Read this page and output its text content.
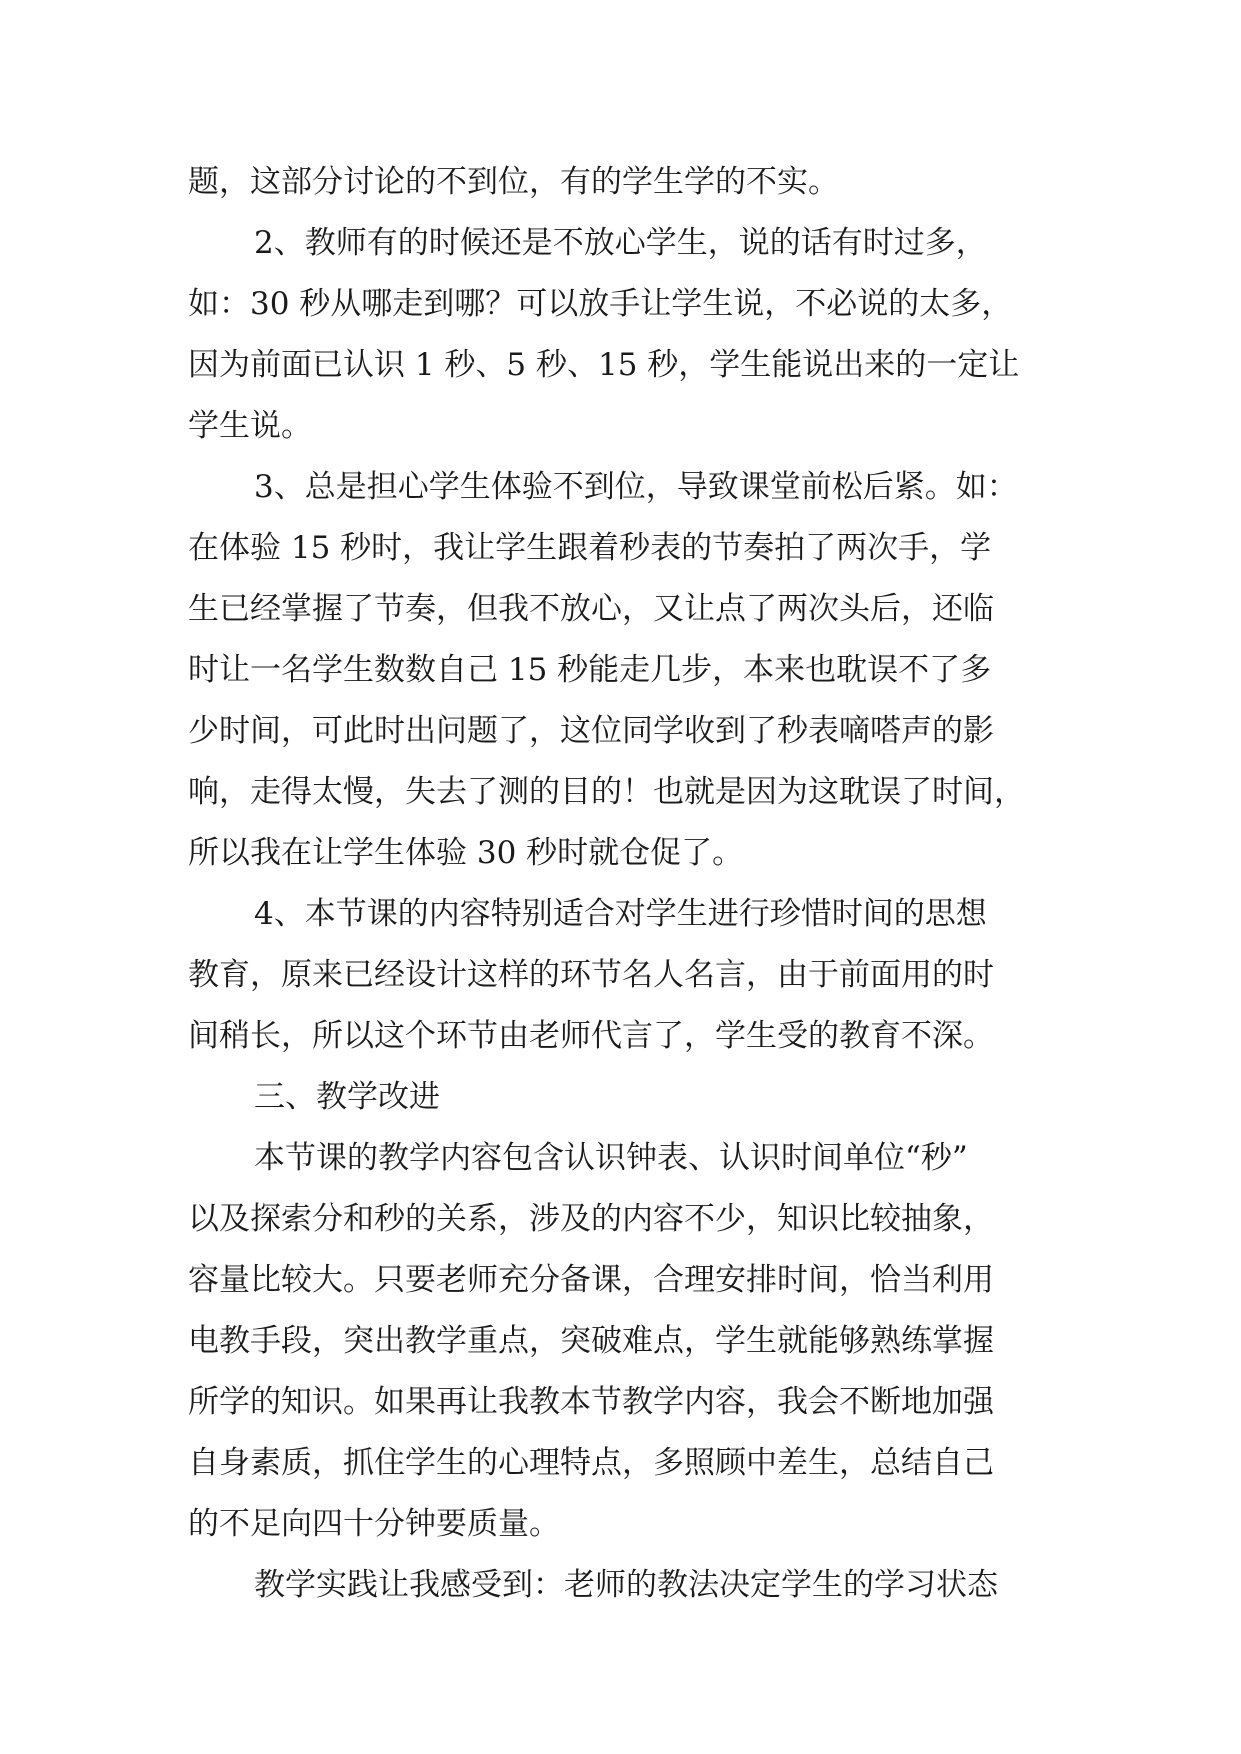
题，这部分讨论的不到位，有的学生学的不实。
2、教师有的时候还是不放心学生，说的话有时过多，
如：30 秒从哪走到哪？可以放手让学生说，不必说的太多，
因为前面已认识 1 秒、5 秒、15 秒，学生能说出来的一定让
学生说。
3、总是担心学生体验不到位，导致课堂前松后紧。如：
在体验 15 秒时，我让学生跟着秒表的节奏拍了两次手，学
生已经掌握了节奏，但我不放心，又让点了两次头后，还临
时让一名学生数数自己 15 秒能走几步，本来也耽误不了多
少时间，可此时出问题了，这位同学收到了秒表嘀嗒声的影
响，走得太慢，失去了测的目的！也就是因为这耽误了时间，
所以我在让学生体验 30 秒时就仓促了。
4、本节课的内容特别适合对学生进行珍惜时间的思想
教育，原来已经设计这样的环节名人名言，由于前面用的时
间稍长，所以这个环节由老师代言了，学生受的教育不深。
三、教学改进
本节课的教学内容包含认识钟表、认识时间单位“秒”
以及探索分和秒的关系，涉及的内容不少，知识比较抽象，
容量比较大。只要老师充分备课，合理安排时间，恰当利用
电教手段，突出教学重点，突破难点，学生就能够熟练掌握
所学的知识。如果再让我教本节教学内容，我会不断地加强
自身素质，抓住学生的心理特点，多照顾中差生，总结自己
的不足向四十分钟要质量。
教学实践让我感受到：老师的教法决定学生的学习状态
